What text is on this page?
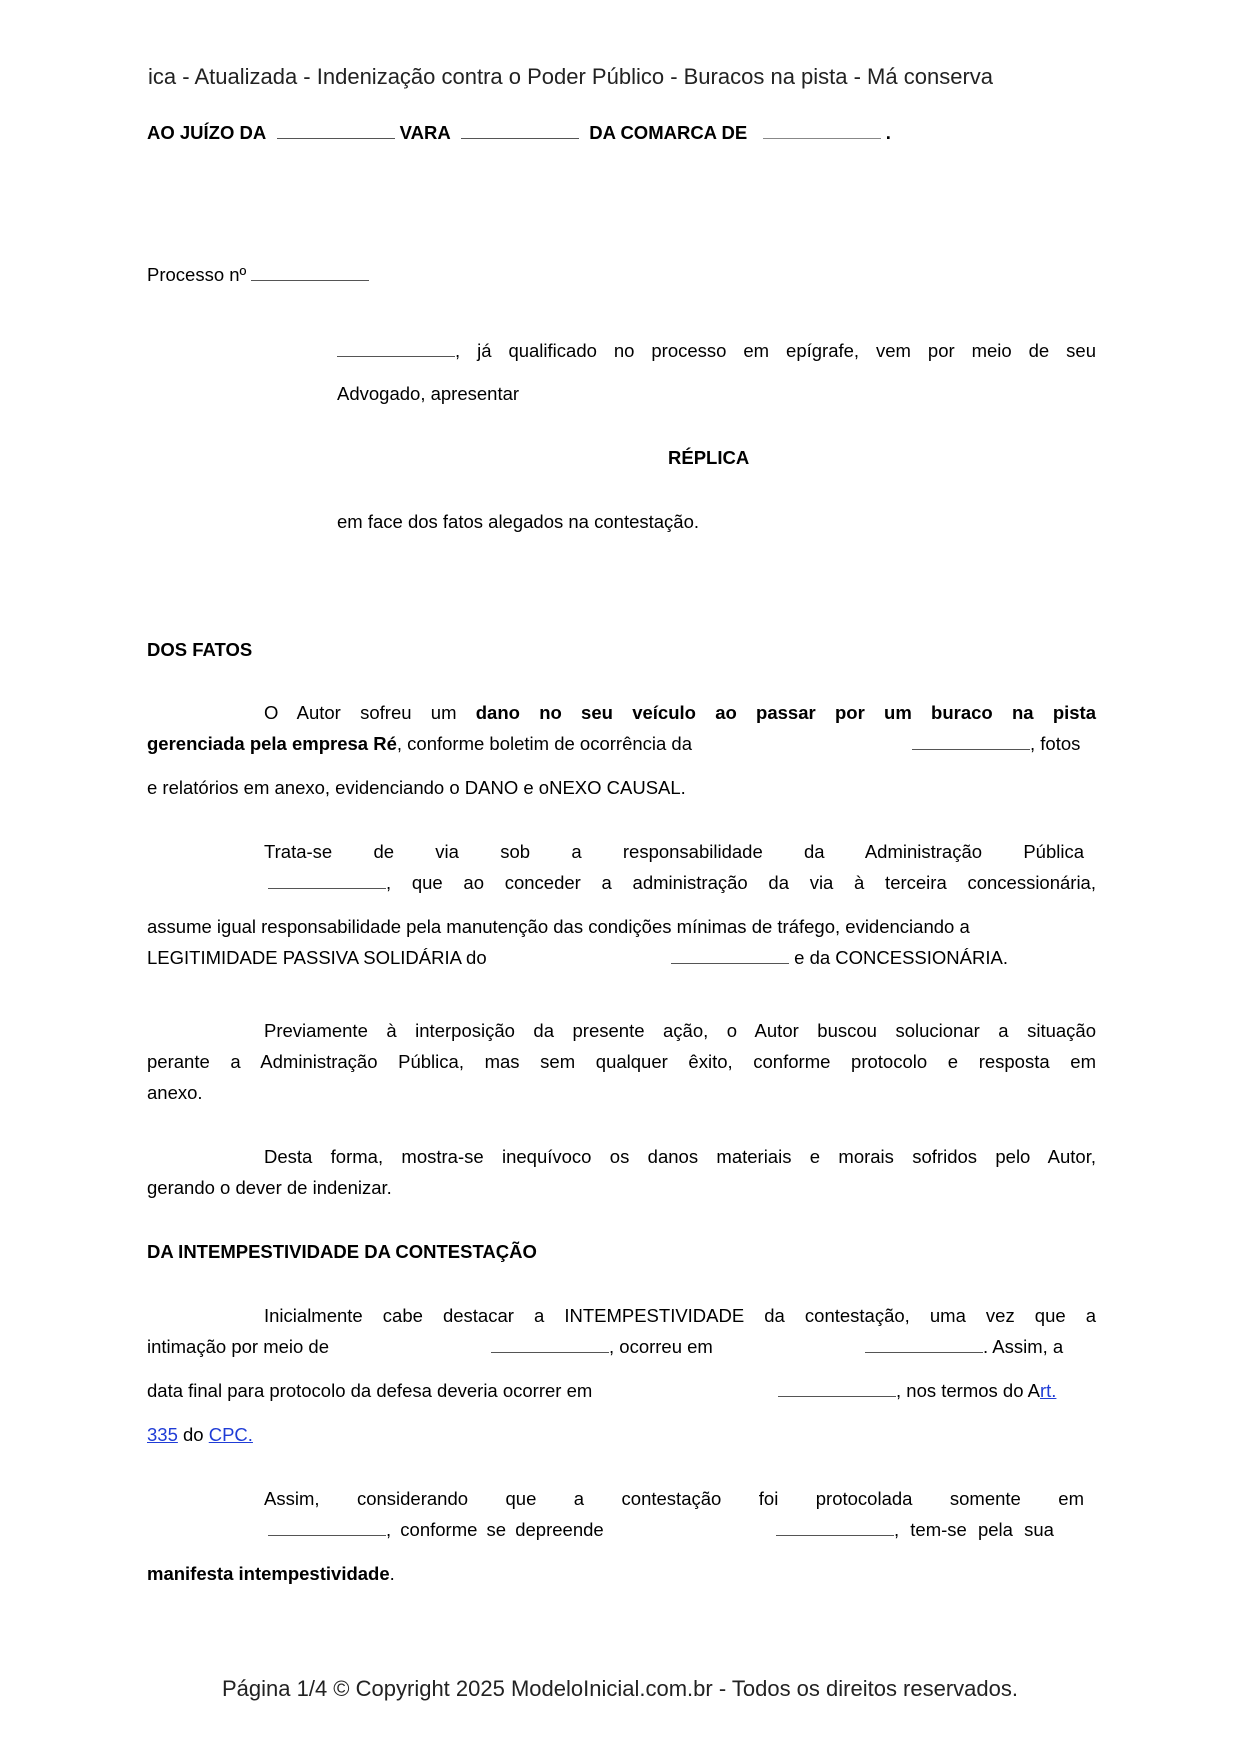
ica - Atualizada - Indenização contra o Poder Público - Buracos na pista - Má conserva
AO JUÍZO DA	VARA	DA COMARCA DE	.
Processo nº
, já qualificado no processo em epígrafe, vem por meio de seu
Advogado, apresentar
RÉPLICA
em face dos fatos alegados na contestação.
DOS FATOS
O Autor sofreu um dano no seu veículo ao passar por um buraco na pista
gerenciada pela empresa Ré, conforme boletim de ocorrência da	, fotos
e relatórios em anexo, evidenciando o DANO e oNEXO CAUSAL.
Trata-se de via sob a responsabilidade da Administração Pública
, que ao conceder a administração da via à terceira concessionária,
assume igual responsabilidade pela manutenção das condições mínimas de tráfego, evidenciando a
LEGITIMIDADE PASSIVA SOLIDÁRIA do	e da CONCESSIONÁRIA.
Previamente à interposição da presente ação, o Autor buscou solucionar a situação
perante a Administração Pública, mas sem qualquer êxito, conforme protocolo e resposta em
anexo.
Desta forma, mostra-se inequívoco os danos materiais e morais sofridos pelo Autor,
gerando o dever de indenizar.
DA INTEMPESTIVIDADE DA CONTESTAÇÃO
Inicialmente cabe destacar a INTEMPESTIVIDADE da contestação, uma vez que a
intimação por meio de	, ocorreu em	. Assim, a
data final para protocolo da defesa deveria ocorrer em	, nos termos do Art.
335 do CPC.
Assim, considerando que a contestação foi protocolada somente em
, conforme se depreende	, tem-se pela sua
manifesta intempestividade.
Página 1/4 © Copyright 2025 ModeloInicial.com.br - Todos os direitos reservados.
